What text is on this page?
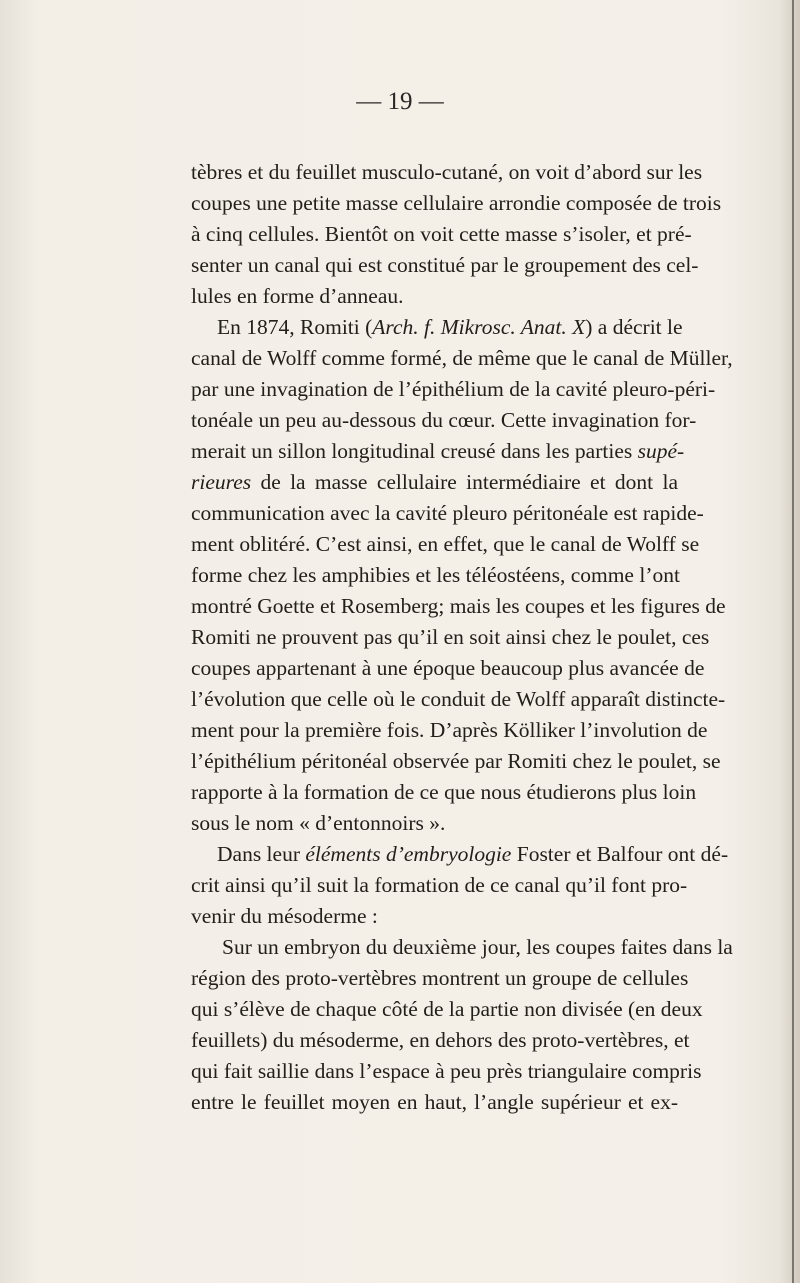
— 19 —
tèbres et du feuillet musculo-cutané, on voit d’abord sur les
coupes une petite masse cellulaire arrondie composée de trois
à cinq cellules. Bientôt on voit cette masse s’isoler, et pré-
senter un canal qui est constitué par le groupement des cel-
lules en forme d’anneau.
En 1874, Romiti (Arch. f. Mikrosc. Anat. X) a décrit le
canal de Wolff comme formé, de même que le canal de Müller,
par une invagination de l’épithélium de la cavité pleuro-péri-
tonéale un peu au-dessous du cœur. Cette invagination for-
merait un sillon longitudinal creusé dans les parties supé-
rieures de la masse cellulaire intermédiaire et dont la
communication avec la cavité pleuro péritonéale est rapide-
ment oblitéré. C’est ainsi, en effet, que le canal de Wolff se
forme chez les amphibies et les téléostéens, comme l’ont
montré Goette et Rosemberg; mais les coupes et les figures de
Romiti ne prouvent pas qu’il en soit ainsi chez le poulet, ces
coupes appartenant à une époque beaucoup plus avancée de
l’évolution que celle où le conduit de Wolff apparaît distincte-
ment pour la première fois. D’après Kölliker l’involution de
l’épithélium péritonéal observée par Romiti chez le poulet, se
rapporte à la formation de ce que nous étudierons plus loin
sous le nom « d’entonnoirs ».
Dans leur éléments d’embryologie Foster et Balfour ont dé-
crit ainsi qu’il suit la formation de ce canal qu’il font pro-
venir du mésoderme :
Sur un embryon du deuxième jour, les coupes faites dans la
région des proto-vertèbres montrent un groupe de cellules
qui s’élève de chaque côté de la partie non divisée (en deux
feuillets) du mésoderme, en dehors des proto-vertèbres, et
qui fait saillie dans l’espace à peu près triangulaire compris
entre le feuillet moyen en haut, l’angle supérieur et ex-
